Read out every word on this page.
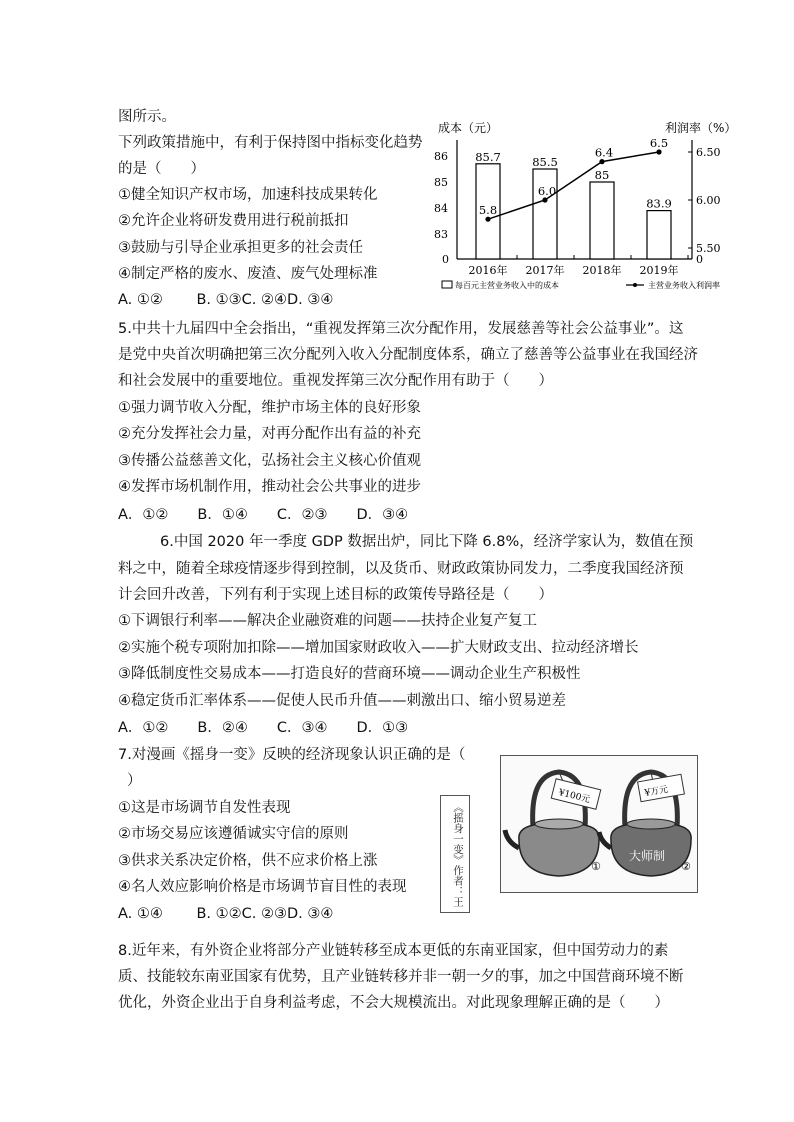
图所示。
下列政策措施中，有利于保持图中指标变化趋势
的是（　　）
①健全知识产权市场，加速科技成果转化
②允许企业将研发费用进行税前抵扣
③鼓励与引导企业承担更多的社会责任
④制定严格的废水、废渣、废气处理标准
A. ①②　　 B. ①③C. ②④D. ③④
成本（元）	利润率（%）
86
85
84
83
0
6.50
6.00
5.50
0
85.7	85.5
85
83.9
5.8
6.0
6.4
6.5
2016年 2017年 2018年 2019年
每百元主营业务收入中的成本	主营业务收入利润率
5.中共十九届四中全会指出，“重视发挥第三次分配作用，发展慈善等社会公益事业”。这
是党中央首次明确把第三次分配列入收入分配制度体系，确立了慈善等公益事业在我国经济
和社会发展中的重要地位。重视发挥第三次分配作用有助于（　　）
①强力调节收入分配，维护市场主体的良好形象
②充分发挥社会力量，对再分配作出有益的补充
③传播公益慈善文化，弘扬社会主义核心价值观
④发挥市场机制作用，推动社会公共事业的进步
A．①②　　B．①④　　C．②③　　D．③④
6.中国 2020 年一季度 GDP 数据出炉，同比下降 6.8%，经济学家认为，数值在预
料之中，随着全球疫情逐步得到控制，以及货币、财政政策协同发力，二季度我国经济预
计会回升改善，下列有利于实现上述目标的政策传导路径是（　　）
①下调银行利率——解决企业融资难的问题——扶持企业复产复工
②实施个税专项附加扣除——增加国家财政收入——扩大财政支出、拉动经济增长
③降低制度性交易成本——打造良好的营商环境——调动企业生产积极性
④稳定货币汇率体系——促使人民币升值——刺激出口、缩小贸易逆差
A．①②　　B．②④　　C．③④　　D．①③
7.对漫画《摇身一变》反映的经济现象认识正确的是（
）
①这是市场调节自发性表现
②市场交易应该遵循诚实守信的原则
③供求关系决定价格，供不应求价格上涨
④名人效应影响价格是市场调节盲目性的表现
A. ①④　　 B. ①②C. ②③D. ③④
《摇身一变》作者：王
¥100元
①
¥万元
大师制
②
8.近年来，有外资企业将部分产业链转移至成本更低的东南亚国家，但中国劳动力的素
质、技能较东南亚国家有优势，且产业链转移并非一朝一夕的事，加之中国营商环境不断
优化，外资企业出于自身利益考虑，不会大规模流出。对此现象理解正确的是（　　）
